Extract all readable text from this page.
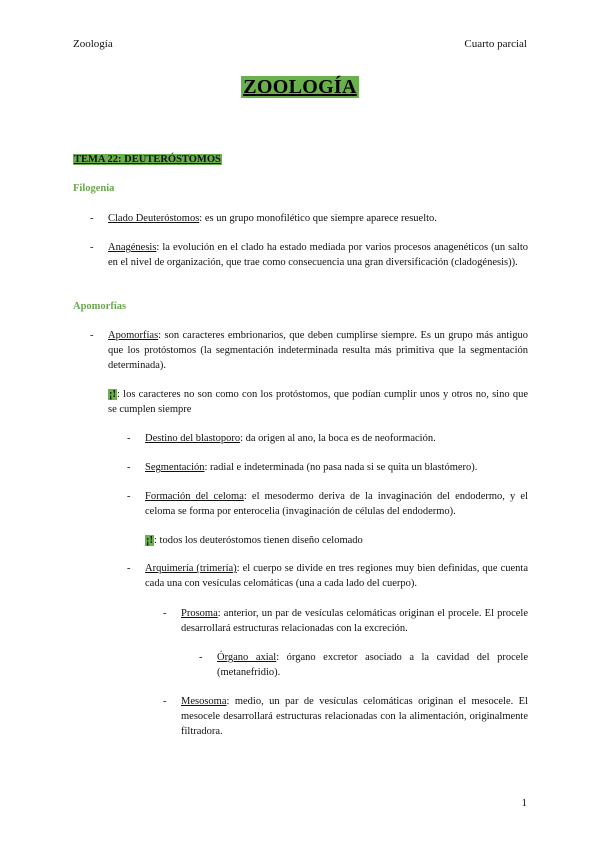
Zoología	Cuarto parcial
ZOOLOGÍA
TEMA 22: DEUTERÓSTOMOS
Filogenia
- Clado Deuteróstomos: es un grupo monofilético que siempre aparece resuelto.
- Anagénesis: la evolución en el clado ha estado mediada por varios procesos anagenéticos (un salto en el nivel de organización, que trae como consecuencia una gran diversificación (cladogénesis)).
Apomorfías
- Apomorfías: son caracteres embrionarios, que deben cumplirse siempre. Es un grupo más antiguo que los protóstomos (la segmentación indeterminada resulta más primitiva que la segmentación determinada).
¡!: los caracteres no son como con los protóstomos, que podían cumplir unos y otros no, sino que se cumplen siempre
- Destino del blastoporo: da origen al ano, la boca es de neoformación.
- Segmentación: radial e indeterminada (no pasa nada si se quita un blastómero).
- Formación del celoma: el mesodermo deriva de la invaginación del endodermo, y el celoma se forma por enterocelia (invaginación de células del endodermo).
¡!: todos los deuteróstomos tienen diseño celomado
- Arquimería (trimería): el cuerpo se divide en tres regiones muy bien definidas, que cuenta cada una con vesículas celomáticas (una a cada lado del cuerpo).
- Prosoma: anterior, un par de vesículas celomáticas originan el procele. El procele desarrollará estructuras relacionadas con la excreción.
- Órgano axial: órgano excretor asociado a la cavidad del procele (metanefridio).
- Mesosoma: medio, un par de vesículas celomáticas originan el mesocele. El mesocele desarrollará estructuras relacionadas con la alimentación, originalmente filtradora.
1
